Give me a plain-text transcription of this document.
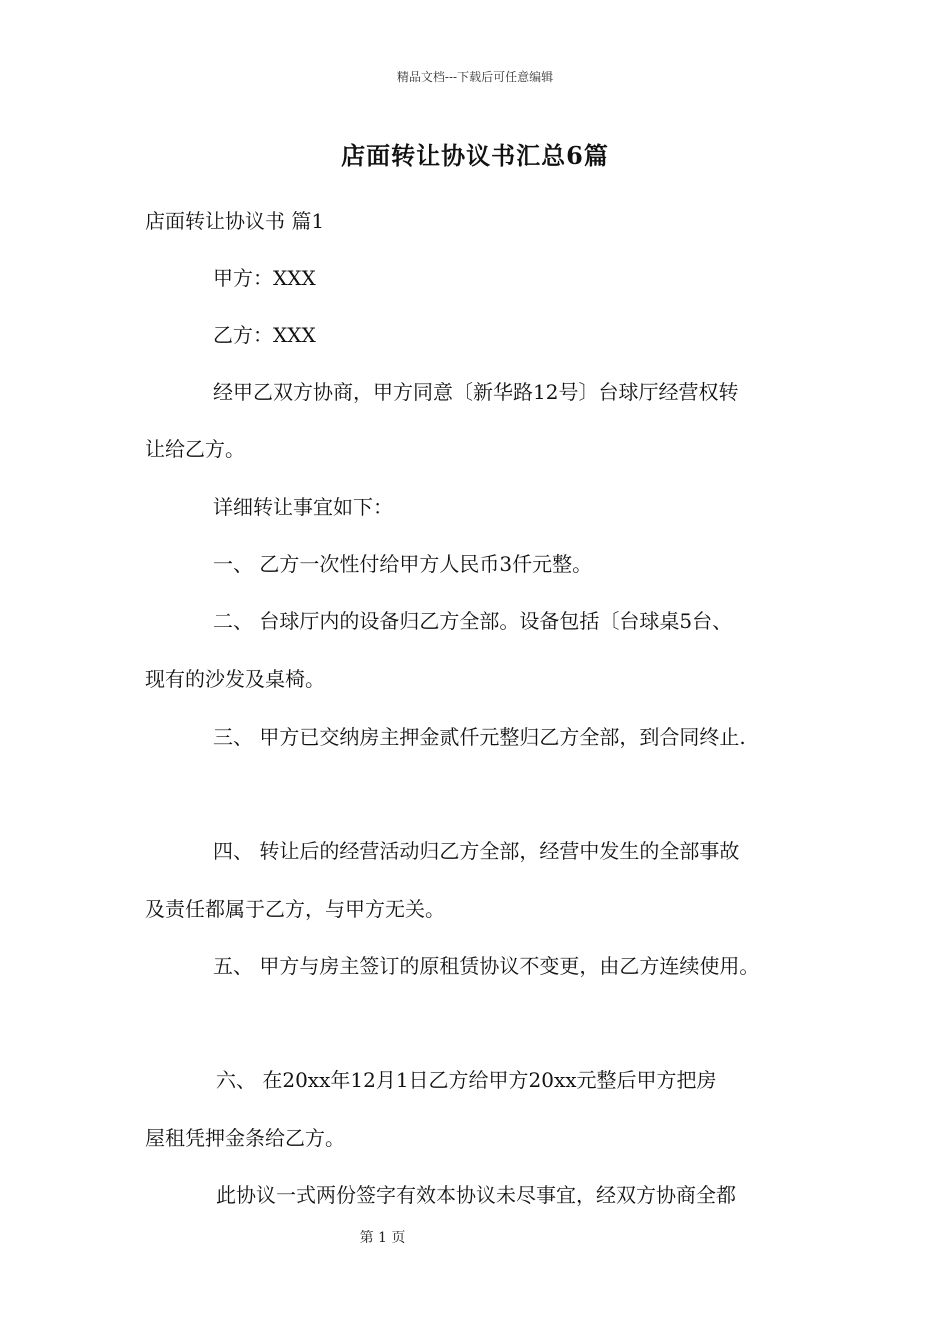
精品文档---下载后可任意编辑
店面转让协议书汇总6篇
店面转让协议书 篇1
甲方：XXX
乙方：XXX
经甲乙双方协商，甲方同意〔新华路12号〕台球厅经营权转
让给乙方。
详细转让事宜如下：
一、 乙方一次性付给甲方人民币3仟元整。
二、 台球厅内的设备归乙方全部。设备包括〔台球桌5台、
现有的沙发及桌椅。
三、 甲方已交纳房主押金贰仟元整归乙方全部，到合同终止.
四、 转让后的经营活动归乙方全部，经营中发生的全部事故
及责任都属于乙方，与甲方无关。
五、 甲方与房主签订的原租赁协议不变更，由乙方连续使用。
六、 在20xx年12月1日乙方给甲方20xx元整后甲方把房
屋租凭押金条给乙方。
此协议一式两份签字有效本协议未尽事宜，经双方协商全都
第 1 页
